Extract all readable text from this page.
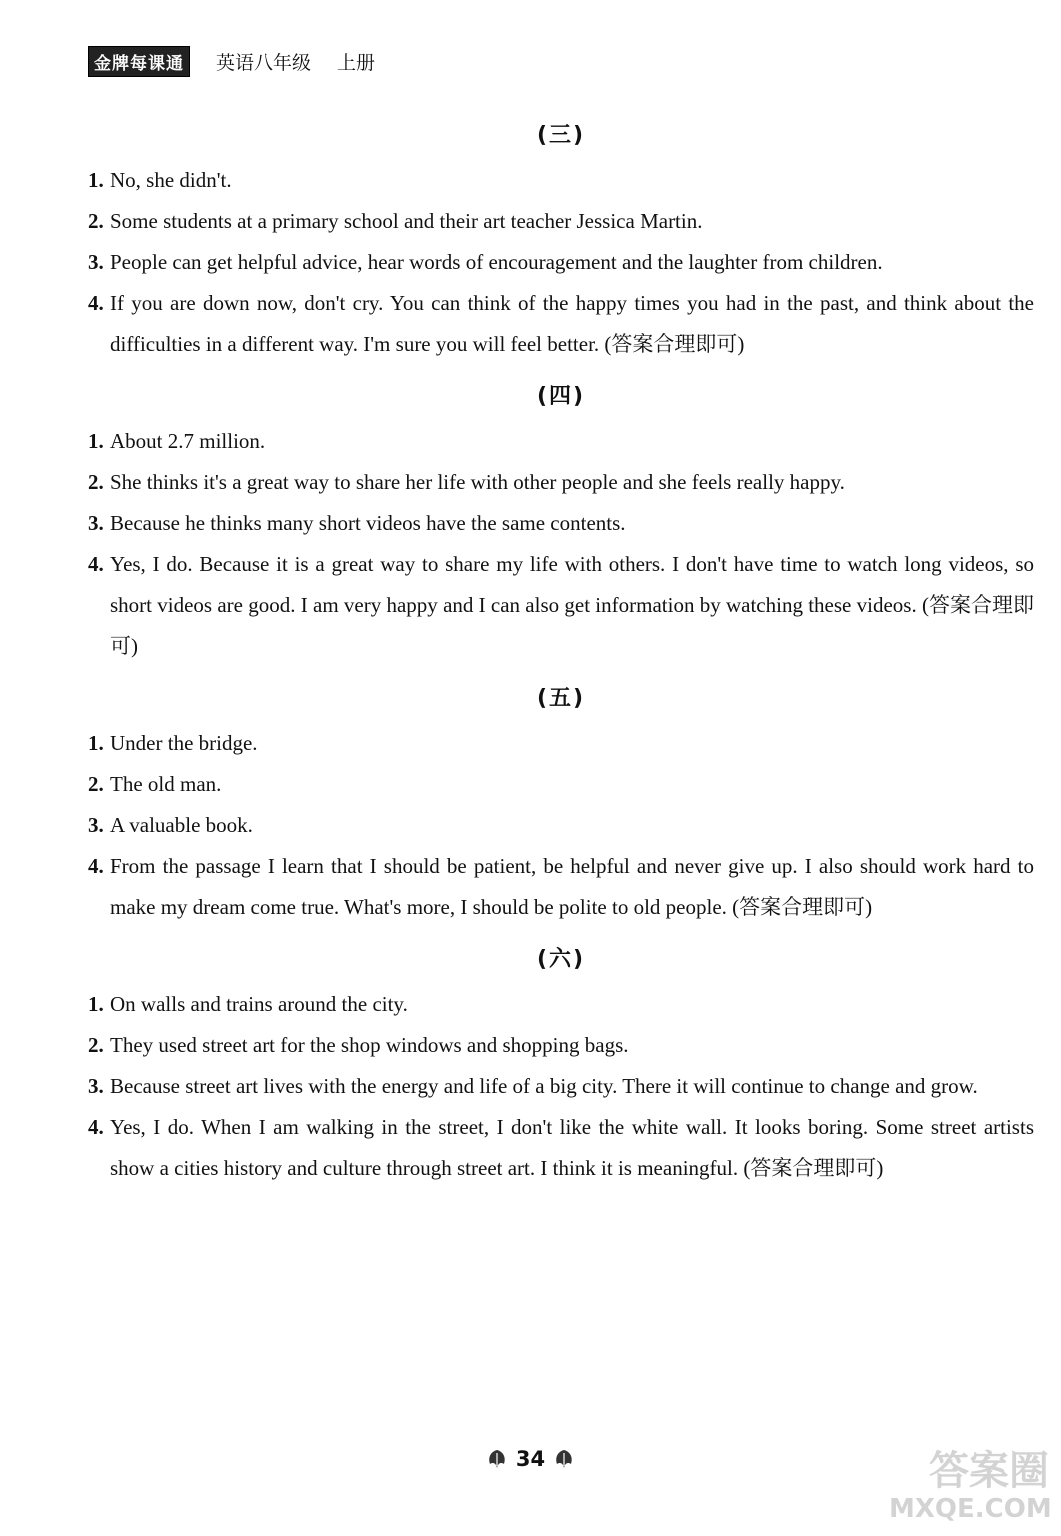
金牌每课通	英语八年级 上册
(三)
1. No, she didn't.
2. Some students at a primary school and their art teacher Jessica Martin.
3. People can get helpful advice, hear words of encouragement and the laughter from children.
4. If you are down now, don't cry. You can think of the happy times you had in the past, and think about the difficulties in a different way. I'm sure you will feel better. (答案合理即可)
(四)
1. About 2.7 million.
2. She thinks it's a great way to share her life with other people and she feels really happy.
3. Because he thinks many short videos have the same contents.
4. Yes, I do. Because it is a great way to share my life with others. I don't have time to watch long videos, so short videos are good. I am very happy and I can also get information by watching these videos. (答案合理即可)
(五)
1. Under the bridge.
2. The old man.
3. A valuable book.
4. From the passage I learn that I should be patient, be helpful and never give up. I also should work hard to make my dream come true. What's more, I should be polite to old people. (答案合理即可)
(六)
1. On walls and trains around the city.
2. They used street art for the shop windows and shopping bags.
3. Because street art lives with the energy and life of a big city. There it will continue to change and grow.
4. Yes, I do. When I am walking in the street, I don't like the white wall. It looks boring. Some street artists show a cities history and culture through street art. I think it is meaningful. (答案合理即可)
34	答案圈
MXQE.COM
